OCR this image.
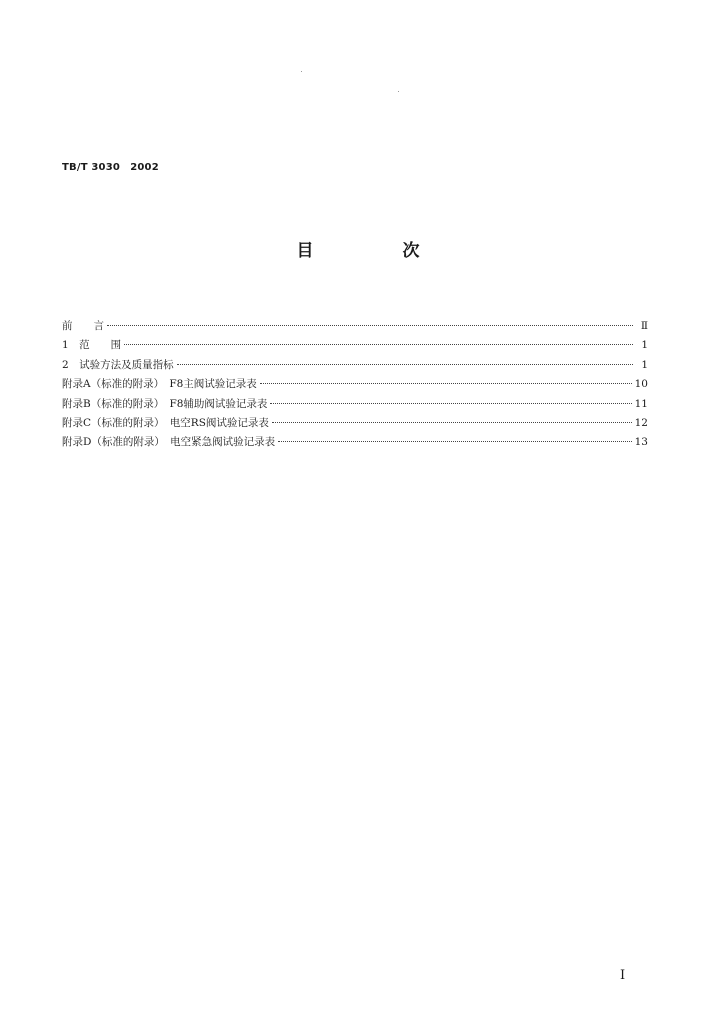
TB/T 3030 2002
目　次
前　　言	Ⅱ
1　范　　围	1
2　试验方法及质量指标	1
附录A（标准的附录）　F8主阀试验记录表	10
附录B（标准的附录）　F8辅助阀试验记录表	11
附录C（标准的附录）　电空RS阀试验记录表	12
附录D（标准的附录）　电空紧急阀试验记录表	13
I
